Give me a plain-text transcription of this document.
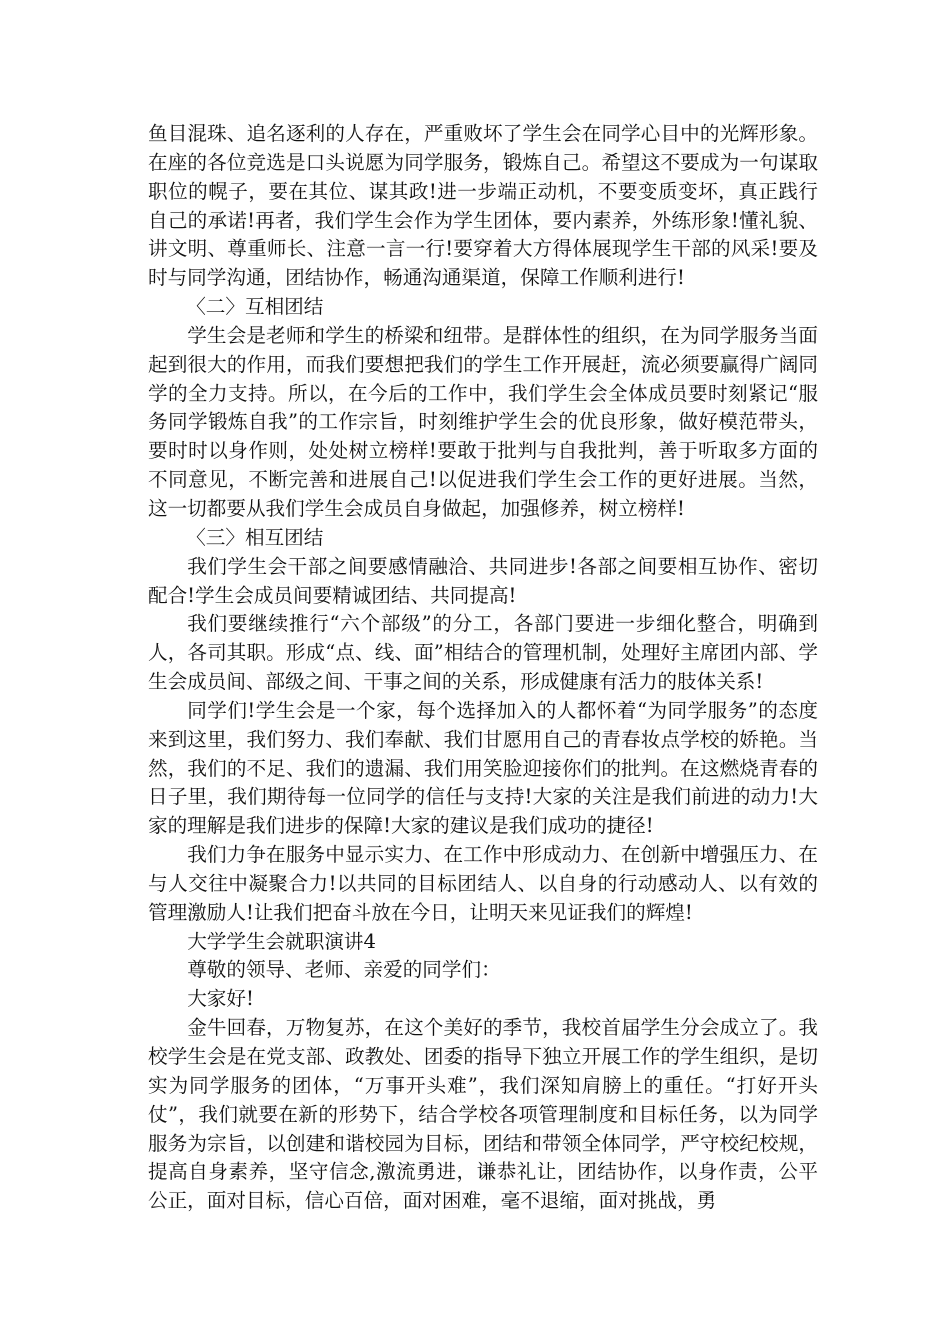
鱼目混珠、追名逐利的人存在，严重败坏了学生会在同学心目中的光辉形象。在座的各位竞选是口头说愿为同学服务，锻炼自己。希望这不要成为一句谋取职位的幌子，要在其位、谋其政!进一步端正动机，不要变质变坏，真正践行自己的承诺!再者，我们学生会作为学生团体，要内素养，外练形象!懂礼貌、讲文明、尊重师长、注意一言一行!要穿着大方得体展现学生干部的风采!要及时与同学沟通，团结协作，畅通沟通渠道，保障工作顺利进行!

〈二〉互相团结

学生会是老师和学生的桥梁和纽带。是群体性的组织，在为同学服务当面起到很大的作用，而我们要想把我们的学生工作开展赶，流必须要赢得广阔同学的全力支持。所以，在今后的工作中，我们学生会全体成员要时刻紧记“服务同学锻炼自我”的工作宗旨，时刻维护学生会的优良形象，做好模范带头，要时时以身作则，处处树立榜样!要敢于批判与自我批判，善于听取多方面的不同意见，不断完善和进展自己!以促进我们学生会工作的更好进展。当然，这一切都要从我们学生会成员自身做起，加强修养，树立榜样!

〈三〉相互团结

我们学生会干部之间要感情融洽、共同进步!各部之间要相互协作、密切配合!学生会成员间要精诚团结、共同提高!

我们要继续推行“六个部级”的分工，各部门要进一步细化整合，明确到人，各司其职。形成“点、线、面”相结合的管理机制，处理好主席团内部、学生会成员间、部级之间、干事之间的关系，形成健康有活力的肢体关系!

同学们!学生会是一个家，每个选择加入的人都怀着“为同学服务”的态度来到这里，我们努力、我们奉献、我们甘愿用自己的青春妆点学校的娇艳。当然，我们的不足、我们的遗漏、我们用笑脸迎接你们的批判。在这燃烧青春的日子里，我们期待每一位同学的信任与支持!大家的关注是我们前进的动力!大家的理解是我们进步的保障!大家的建议是我们成功的捷径!

我们力争在服务中显示实力、在工作中形成动力、在创新中增强压力、在与人交往中凝聚合力!以共同的目标团结人、以自身的行动感动人、以有效的管理激励人!让我们把奋斗放在今日，让明天来见证我们的辉煌!

大学学生会就职演讲4

尊敬的领导、老师、亲爱的同学们：

大家好!

金牛回春，万物复苏，在这个美好的季节，我校首届学生分会成立了。我校学生会是在党支部、政教处、团委的指导下独立开展工作的学生组织，是切实为同学服务的团体，“万事开头难”，我们深知肩膀上的重任。“打好开头仗”，我们就要在新的形势下，结合学校各项管理制度和目标任务，以为同学服务为宗旨，以创建和谐校园为目标，团结和带领全体同学，严守校纪校规，提高自身素养，坚守信念,激流勇进，谦恭礼让，团结协作，以身作责，公平公正，面对目标，信心百倍，面对困难，毫不退缩，面对挑战，勇
